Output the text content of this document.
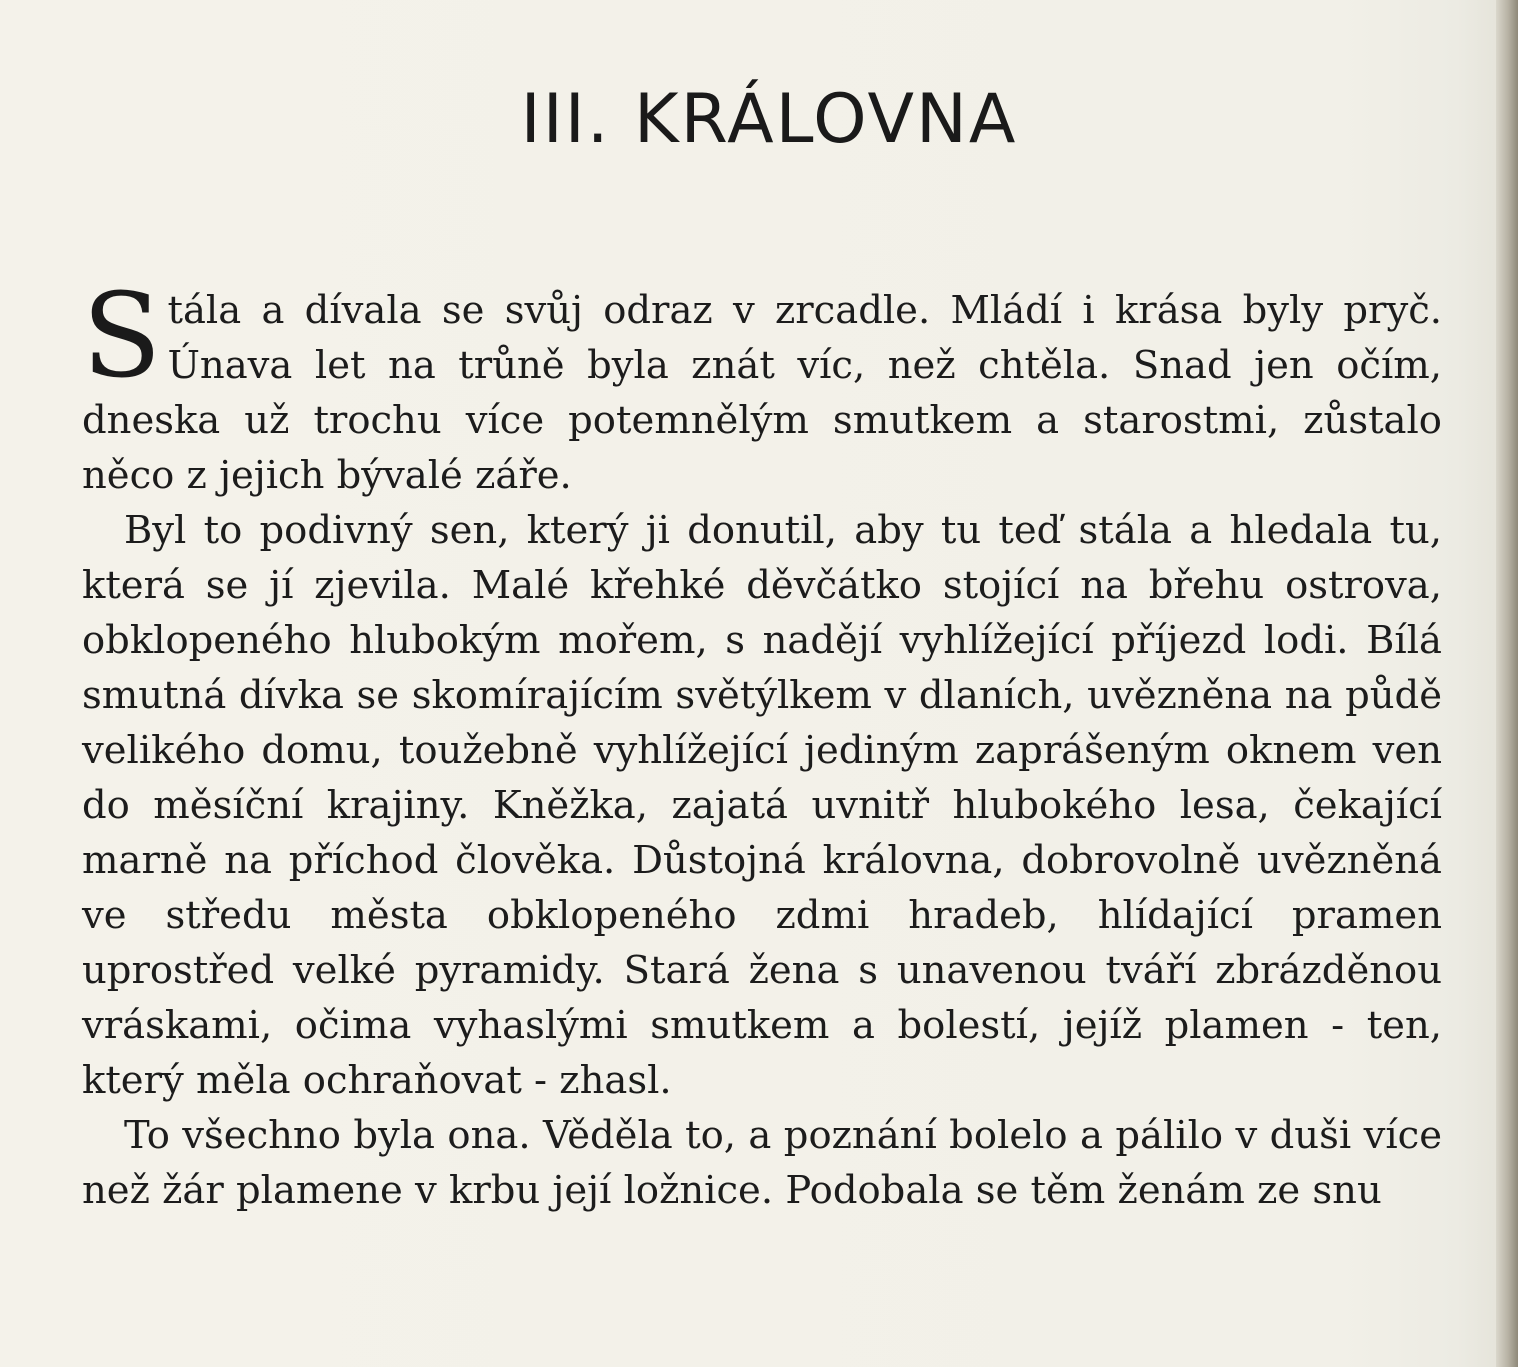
III. KRÁLOVNA

Stála a dívala se svůj odraz v zrcadle. Mládí i krása byly pryč. Únava let na trůně byla znát víc, než chtěla. Snad jen očím, dneska už trochu více potemnělým smutkem a starostmi, zůstalo něco z jejich bývalé záře.

Byl to podivný sen, který ji donutil, aby tu teď stála a hledala tu, která se jí zjevila. Malé křehké děvčátko stojící na břehu ostrova, obklopeného hlubokým mořem, s nadějí vyhlížející příjezd lodi. Bílá smutná dívka se skomírajícím světýlkem v dlaních, uvězněna na půdě velikého domu, toužebně vyhlížející jediným zaprášeným oknem ven do měsíční krajiny. Kněžka, zajatá uvnitř hlubokého lesa, čekající marně na příchod člověka. Důstojná královna, dobrovolně uvězněná ve středu města obklopeného zdmi hradeb, hlídající pramen uprostřed velké pyramidy. Stará žena s unavenou tváří zbrázděnou vráskami, očima vyhaslými smutkem a bolestí, jejíž plamen - ten, který měla ochraňovat - zhasl.

To všechno byla ona. Věděla to, a poznání bolelo a pálilo v duši více než žár plamene v krbu její ložnice. Podobala se těm ženám ze snu
